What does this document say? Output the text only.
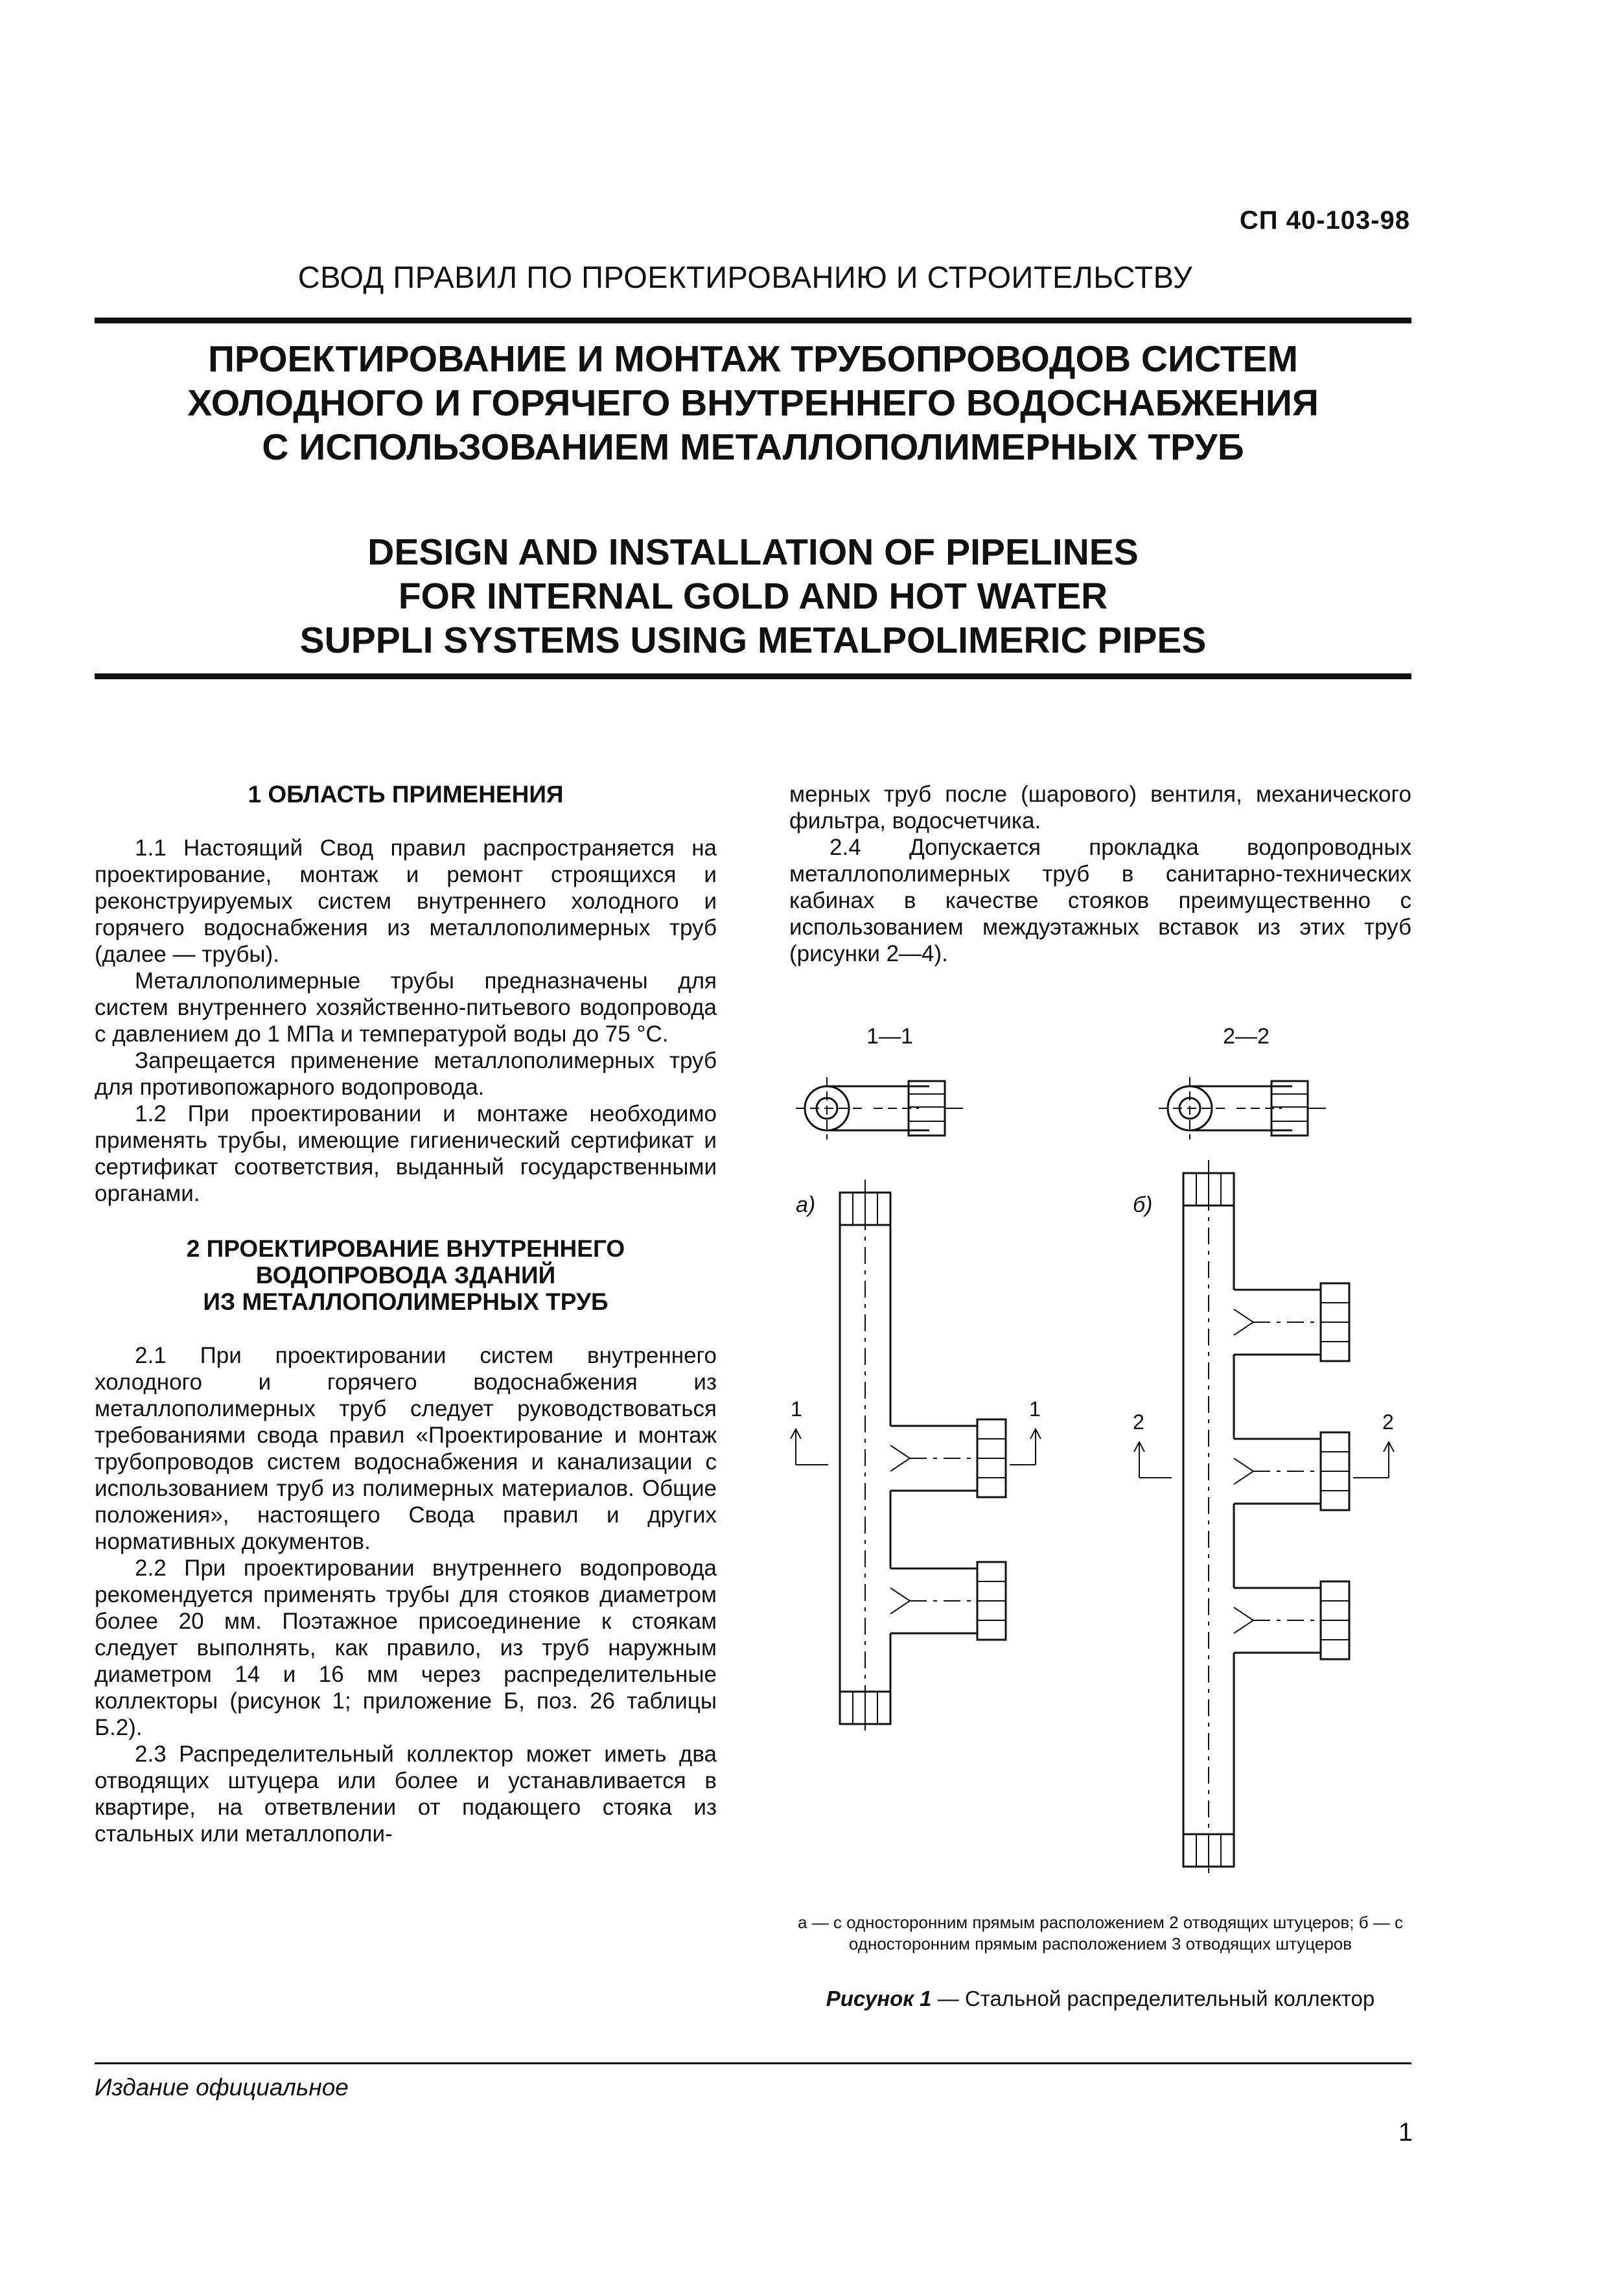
СП 40-103-98
СВОД ПРАВИЛ ПО ПРОЕКТИРОВАНИЮ И СТРОИТЕЛЬСТВУ
ПРОЕКТИРОВАНИЕ И МОНТАЖ ТРУБОПРОВОДОВ СИСТЕМ
ХОЛОДНОГО И ГОРЯЧЕГО ВНУТРЕННЕГО ВОДОСНАБЖЕНИЯ
С ИСПОЛЬЗОВАНИЕМ МЕТАЛЛОПОЛИМЕРНЫХ ТРУБ
DESIGN AND INSTALLATION OF PIPELINES
FOR INTERNAL GOLD AND HOT WATER
SUPPLI SYSTEMS USING METALPOLIMERIC PIPES
1 ОБЛАСТЬ ПРИМЕНЕНИЯ

1.1 Настоящий Свод правил распространяется на проектирование, монтаж и ремонт строящихся и реконструируемых систем внутреннего холодного и горячего водоснабжения из металлополимерных труб (далее — трубы).

Металлополимерные трубы предназначены для систем внутреннего хозяйственно-питьевого водопровода с давлением до 1 МПа и температурой воды до 75 °С.

Запрещается применение металлополимерных труб для противопожарного водопровода.

1.2 При проектировании и монтаже необходимо применять трубы, имеющие гигиенический сертификат и сертификат соответствия, выданный государственными органами.

2 ПРОЕКТИРОВАНИЕ ВНУТРЕННЕГО
ВОДОПРОВОДА ЗДАНИЙ
ИЗ МЕТАЛЛОПОЛИМЕРНЫХ ТРУБ

2.1 При проектировании систем внутреннего холодного и горячего водоснабжения из металлополимерных труб следует руководствоваться требованиями свода правил «Проектирование и монтаж трубопроводов систем водоснабжения и канализации с использованием труб из полимерных материалов. Общие положения», настоящего Свода правил и других нормативных документов.

2.2 При проектировании внутреннего водопровода рекомендуется применять трубы для стояков диаметром более 20 мм. Поэтажное присоединение к стоякам следует выполнять, как правило, из труб наружным диаметром 14 и 16 мм через распределительные коллекторы (рисунок 1; приложение Б, поз. 26 таблицы Б.2).

2.3 Распределительный коллектор может иметь два отводящих штуцера или более и устанавливается в квартире, на ответвлении от подающего стояка из стальных или металлополи-

мерных труб после (шарового) вентиля, механического фильтра, водосчетчика.

2.4 Допускается прокладка водопроводных металлополимерных труб в санитарно-технических кабинах в качестве стояков преимущественно с использованием междуэтажных вставок из этих труб (рисунки 2—4).

1—1	2—2
а)
1	1
б)
2	2
а — с односторонним прямым расположением 2 отводящих штуцеров; б — с односторонним прямым расположением 3 отводящих штуцеров
Рисунок 1 — Стальной распределительный коллектор
Издание официальное
1
